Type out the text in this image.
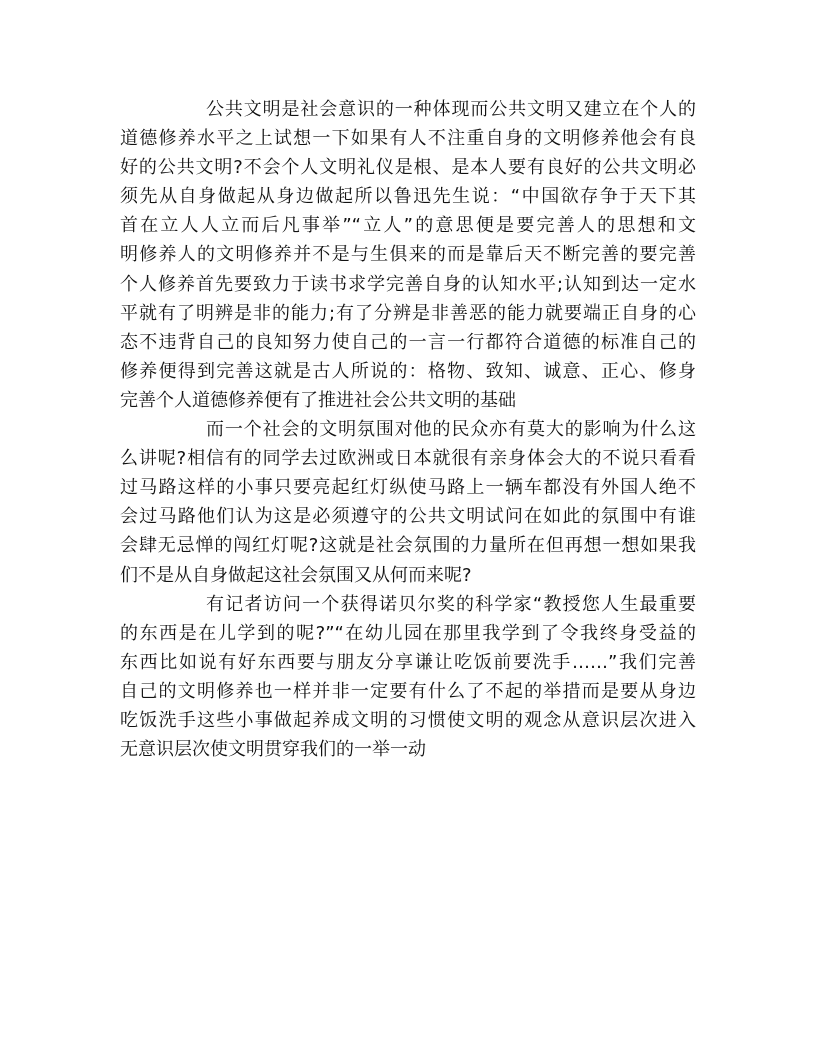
公共文明是社会意识的一种体现而公共文明又建立在个人的
道德修养水平之上试想一下如果有人不注重自身的文明修养他会有良
好的公共文明?不会个人文明礼仪是根、是本人要有良好的公共文明必
须先从自身做起从身边做起所以鲁迅先生说：“中国欲存争于天下其
首在立人人立而后凡事举”“立人”的意思便是要完善人的思想和文
明修养人的文明修养并不是与生俱来的而是靠后天不断完善的要完善
个人修养首先要致力于读书求学完善自身的认知水平;认知到达一定水
平就有了明辨是非的能力;有了分辨是非善恶的能力就要端正自身的心
态不违背自己的良知努力使自己的一言一行都符合道德的标准自己的
修养便得到完善这就是古人所说的：格物、致知、诚意、正心、修身
完善个人道德修养便有了推进社会公共文明的基础
而一个社会的文明氛围对他的民众亦有莫大的影响为什么这
么讲呢?相信有的同学去过欧洲或日本就很有亲身体会大的不说只看看
过马路这样的小事只要亮起红灯纵使马路上一辆车都没有外国人绝不
会过马路他们认为这是必须遵守的公共文明试问在如此的氛围中有谁
会肆无忌惮的闯红灯呢?这就是社会氛围的力量所在但再想一想如果我
们不是从自身做起这社会氛围又从何而来呢?
有记者访问一个获得诺贝尔奖的科学家“教授您人生最重要
的东西是在儿学到的呢?”“在幼儿园在那里我学到了令我终身受益的
东西比如说有好东西要与朋友分享谦让吃饭前要洗手……”我们完善
自己的文明修养也一样并非一定要有什么了不起的举措而是要从身边
吃饭洗手这些小事做起养成文明的习惯使文明的观念从意识层次进入
无意识层次使文明贯穿我们的一举一动
